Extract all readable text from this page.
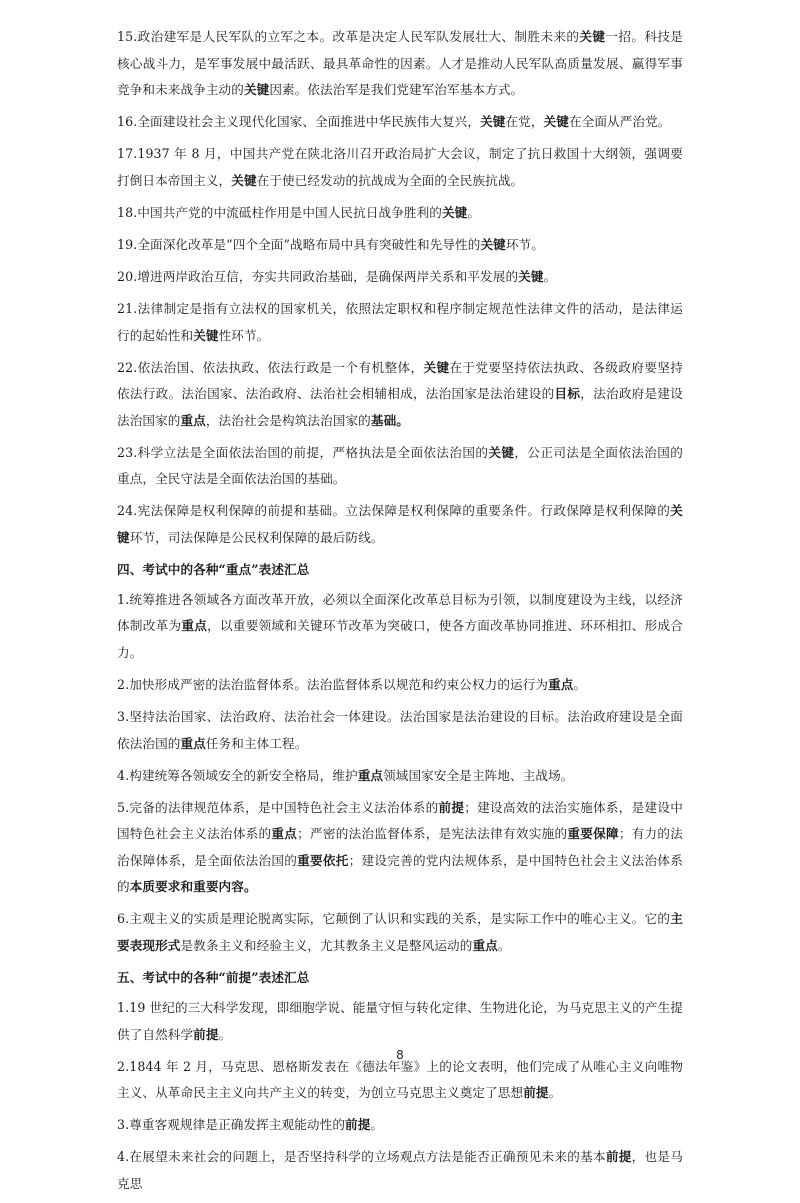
15.政治建军是人民军队的立军之本。改革是决定人民军队发展壮大、制胜未来的关键一招。科技是核心战斗力，是军事发展中最活跃、最具革命性的因素。人才是推动人民军队高质量发展、赢得军事竞争和未来战争主动的关键因素。依法治军是我们党建军治军基本方式。

16.全面建设社会主义现代化国家、全面推进中华民族伟大复兴，关键在党，关键在全面从严治党。

17.1937 年 8 月，中国共产党在陕北洛川召开政治局扩大会议，制定了抗日救国十大纲领，强调要打倒日本帝国主义，关键在于使已经发动的抗战成为全面的全民族抗战。

18.中国共产党的中流砥柱作用是中国人民抗日战争胜利的关键。

19.全面深化改革是“四个全面”战略布局中具有突破性和先导性的关键环节。

20.增进两岸政治互信，夯实共同政治基础，是确保两岸关系和平发展的关键。

21.法律制定是指有立法权的国家机关，依照法定职权和程序制定规范性法律文件的活动，是法律运行的起始性和关键性环节。

22.依法治国、依法执政、依法行政是一个有机整体，关键在于党要坚持依法执政、各级政府要坚持依法行政。法治国家、法治政府、法治社会相辅相成，法治国家是法治建设的目标，法治政府是建设法治国家的重点，法治社会是构筑法治国家的基础。

23.科学立法是全面依法治国的前提，严格执法是全面依法治国的关键，公正司法是全面依法治国的重点，全民守法是全面依法治国的基础。

24.宪法保障是权利保障的前提和基础。立法保障是权利保障的重要条件。行政保障是权利保障的关键环节，司法保障是公民权利保障的最后防线。

四、考试中的各种“重点”表述汇总

1.统筹推进各领域各方面改革开放，必须以全面深化改革总目标为引领，以制度建设为主线，以经济体制改革为重点，以重要领域和关键环节改革为突破口，使各方面改革协同推进、环环相扣、形成合力。

2.加快形成严密的法治监督体系。法治监督体系以规范和约束公权力的运行为重点。

3.坚持法治国家、法治政府、法治社会一体建设。法治国家是法治建设的目标。法治政府建设是全面依法治国的重点任务和主体工程。

4.构建统筹各领域安全的新安全格局，维护重点领域国家安全是主阵地、主战场。

5.完备的法律规范体系，是中国特色社会主义法治体系的前提；建设高效的法治实施体系，是建设中国特色社会主义法治体系的重点；严密的法治监督体系，是宪法法律有效实施的重要保障；有力的法治保障体系，是全面依法治国的重要依托；建设完善的党内法规体系，是中国特色社会主义法治体系的本质要求和重要内容。

6.主观主义的实质是理论脱离实际，它颠倒了认识和实践的关系，是实际工作中的唯心主义。它的主要表现形式是教条主义和经验主义，尤其教条主义是整风运动的重点。

五、考试中的各种“前提”表述汇总

1.19 世纪的三大科学发现，即细胞学说、能量守恒与转化定律、生物进化论，为马克思主义的产生提供了自然科学前提。

2.1844 年 2 月，马克思、恩格斯发表在《德法年鉴》上的论文表明，他们完成了从唯心主义向唯物主义、从革命民主主义向共产主义的转变，为创立马克思主义奠定了思想前提。

3.尊重客观规律是正确发挥主观能动性的前提。

4.在展望未来社会的问题上，是否坚持科学的立场观点方法是能否正确预见未来的基本前提，也是马克思

8
